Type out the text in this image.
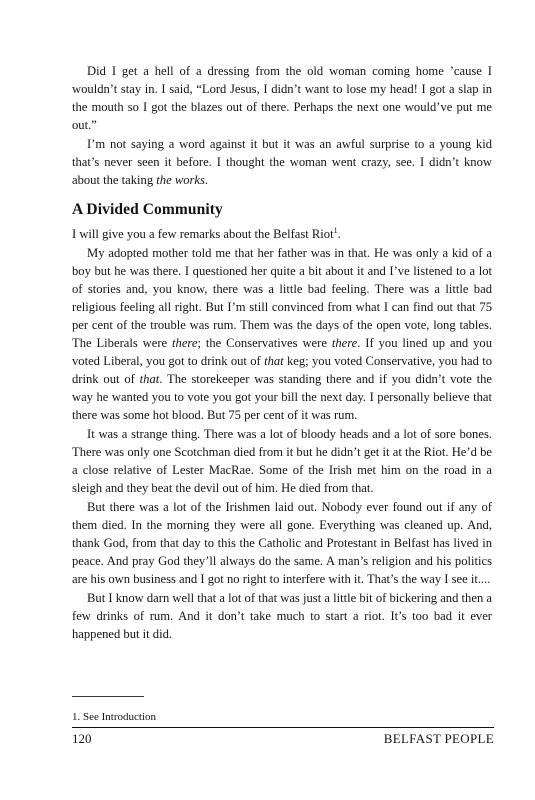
Did I get a hell of a dressing from the old woman coming home ’cause I wouldn’t stay in. I said, “Lord Jesus, I didn’t want to lose my head! I got a slap in the mouth so I got the blazes out of there. Perhaps the next one would’ve put me out.”

I’m not saying a word against it but it was an awful surprise to a young kid that’s never seen it before. I thought the woman went crazy, see. I didn’t know about the taking the works.

A Divided Community

I will give you a few remarks about the Belfast Riot$^1$.

My adopted mother told me that her father was in that. He was only a kid of a boy but he was there. I questioned her quite a bit about it and I’ve listened to a lot of stories and, you know, there was a little bad feeling. There was a little bad religious feeling all right. But I’m still convinced from what I can find out that 75 per cent of the trouble was rum. Them was the days of the open vote, long tables. The Liberals were there; the Conservatives were there. If you lined up and you voted Liberal, you got to drink out of that keg; you voted Conservative, you had to drink out of that. The storekeeper was standing there and if you didn’t vote the way he wanted you to vote you got your bill the next day. I personally believe that there was some hot blood. But 75 per cent of it was rum.

It was a strange thing. There was a lot of bloody heads and a lot of sore bones. There was only one Scotchman died from it but he didn’t get it at the Riot. He’d be a close relative of Lester MacRae. Some of the Irish met him on the road in a sleigh and they beat the devil out of him. He died from that.

But there was a lot of the Irishmen laid out. Nobody ever found out if any of them died. In the morning they were all gone. Everything was cleaned up. And, thank God, from that day to this the Catholic and Protestant in Belfast has lived in peace. And pray God they’ll always do the same. A man’s religion and his politics are his own business and I got no right to interfere with it. That’s the way I see it....

But I know darn well that a lot of that was just a little bit of bickering and then a few drinks of rum. And it don’t take much to start a riot. It’s too bad it ever happened but it did.

1. See Introduction
120	BELFAST PEOPLE
